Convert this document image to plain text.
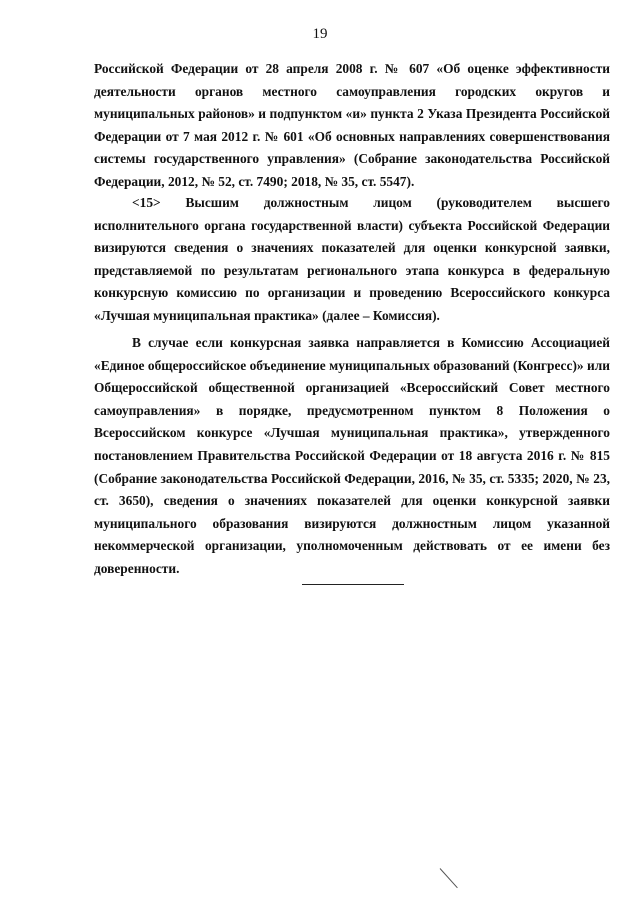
19

Российской Федерации от 28 апреля 2008 г. № 607 «Об оценке эффективности деятельности органов местного самоуправления городских округов и муниципальных районов» и подпунктом «и» пункта 2 Указа Президента Российской Федерации от 7 мая 2012 г. № 601 «Об основных направлениях совершенствования системы государственного управления» (Собрание законодательства Российской Федерации, 2012, № 52, ст. 7490; 2018, № 35, ст. 5547).

<15> Высшим должностным лицом (руководителем высшего исполнительного органа государственной власти) субъекта Российской Федерации визируются сведения о значениях показателей для оценки конкурсной заявки, представляемой по результатам регионального этапа конкурса в федеральную конкурсную комиссию по организации и проведению Всероссийского конкурса «Лучшая муниципальная практика» (далее – Комиссия).

В случае если конкурсная заявка направляется в Комиссию Ассоциацией «Единое общероссийское объединение муниципальных образований (Конгресс)» или Общероссийской общественной организацией «Всероссийский Совет местного самоуправления» в порядке, предусмотренном пунктом 8 Положения о Всероссийском конкурсе «Лучшая муниципальная практика», утвержденного постановлением Правительства Российской Федерации от 18 августа 2016 г. № 815 (Собрание законодательства Российской Федерации, 2016, № 35, ст. 5335; 2020, № 23, ст. 3650), сведения о значениях показателей для оценки конкурсной заявки муниципального образования визируются должностным лицом указанной некоммерческой организации, уполномоченным действовать от ее имени без доверенности.
